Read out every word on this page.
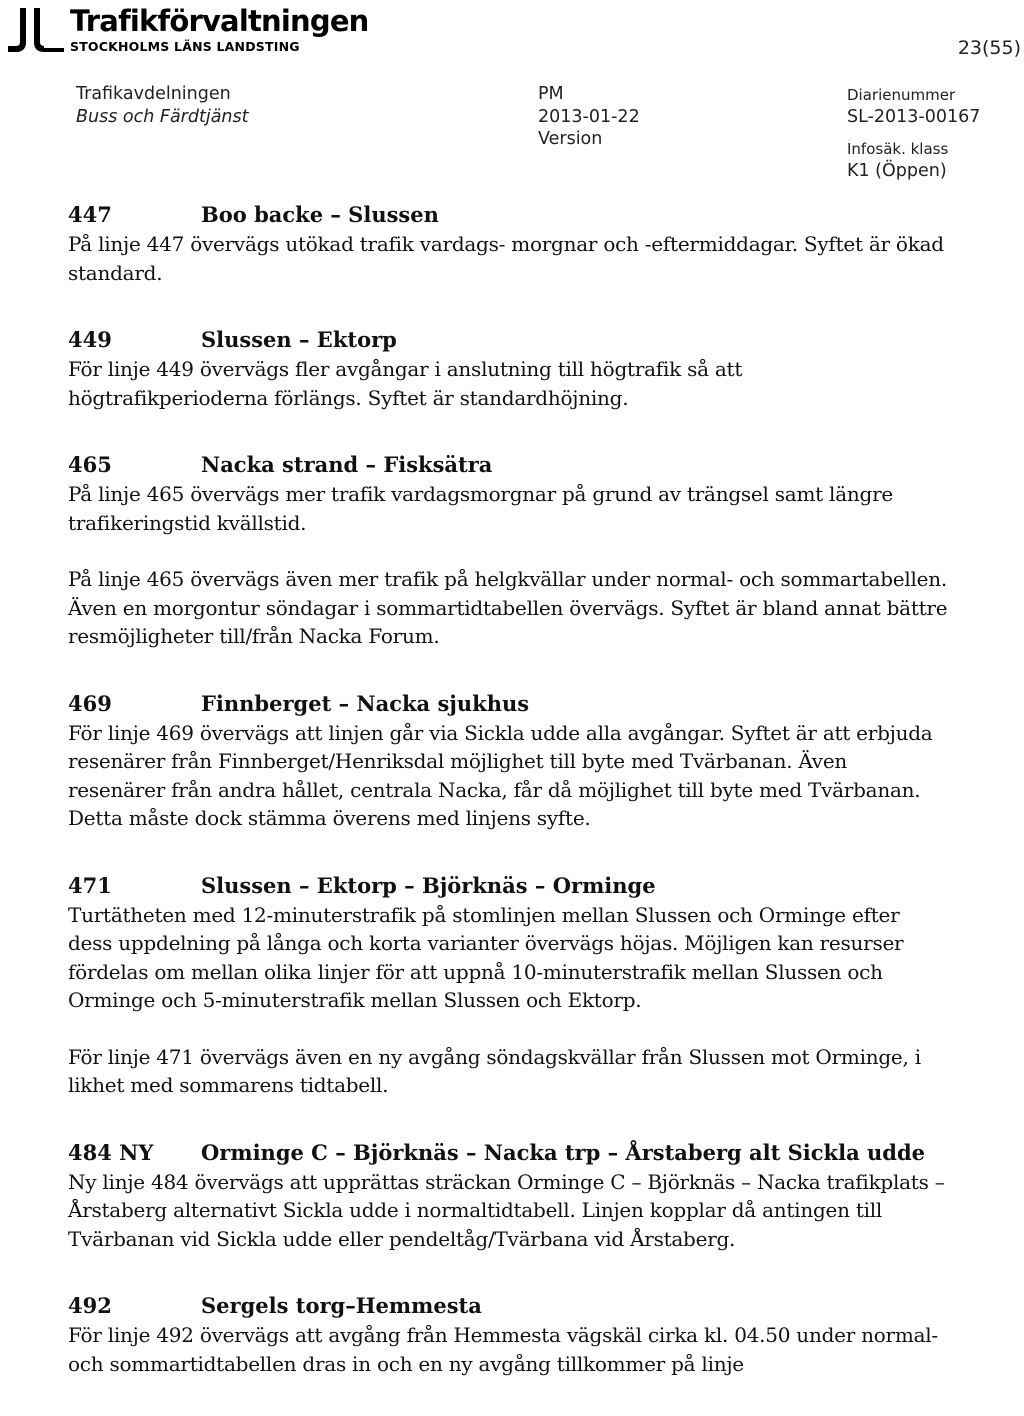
Trafikförvaltningen
STOCKHOLMS LÄNS LANDSTING	23(55)
Trafikavdelningen
Buss och Färdtjänst
PM
2013-01-22
Version
Diarienummer
SL-2013-00167
Infosäk. klass
K1 (Öppen)
447	Boo backe – Slussen

På linje 447 övervägs utökad trafik vardags- morgnar och -eftermiddagar. Syftet är ökad standard.

449	Slussen – Ektorp

För linje 449 övervägs fler avgångar i anslutning till högtrafik så att högtrafikperioderna förlängs. Syftet är standardhöjning.

465	Nacka strand – Fisksätra

På linje 465 övervägs mer trafik vardagsmorgnar på grund av trängsel samt längre trafikeringstid kvällstid.

På linje 465 övervägs även mer trafik på helgkvällar under normal- och sommartabellen. Även en morgontur söndagar i sommartidtabellen övervägs. Syftet är bland annat bättre resmöjligheter till/från Nacka Forum.

469	Finnberget – Nacka sjukhus

För linje 469 övervägs att linjen går via Sickla udde alla avgångar. Syftet är att erbjuda resenärer från Finnberget/Henriksdal möjlighet till byte med Tvärbanan. Även resenärer från andra hållet, centrala Nacka, får då möjlighet till byte med Tvärbanan. Detta måste dock stämma överens med linjens syfte.

471	Slussen – Ektorp – Björknäs – Orminge

Turtätheten med 12-minuterstrafik på stomlinjen mellan Slussen och Orminge efter dess uppdelning på långa och korta varianter övervägs höjas. Möjligen kan resurser fördelas om mellan olika linjer för att uppnå 10-minuterstrafik mellan Slussen och Orminge och 5-minuterstrafik mellan Slussen och Ektorp.

För linje 471 övervägs även en ny avgång söndagskvällar från Slussen mot Orminge, i likhet med sommarens tidtabell.

484 NY	Orminge C – Björknäs – Nacka trp – Årstaberg alt Sickla udde

Ny linje 484 övervägs att upprättas sträckan Orminge C – Björknäs – Nacka trafikplats – Årstaberg alternativt Sickla udde i normaltidtabell. Linjen kopplar då antingen till Tvärbanan vid Sickla udde eller pendeltåg/Tvärbana vid Årstaberg.

492	Sergels torg–Hemmesta

För linje 492 övervägs att avgång från Hemmesta vägskäl cirka kl. 04.50 under normal- och sommartidtabellen dras in och en ny avgång tillkommer på linje
